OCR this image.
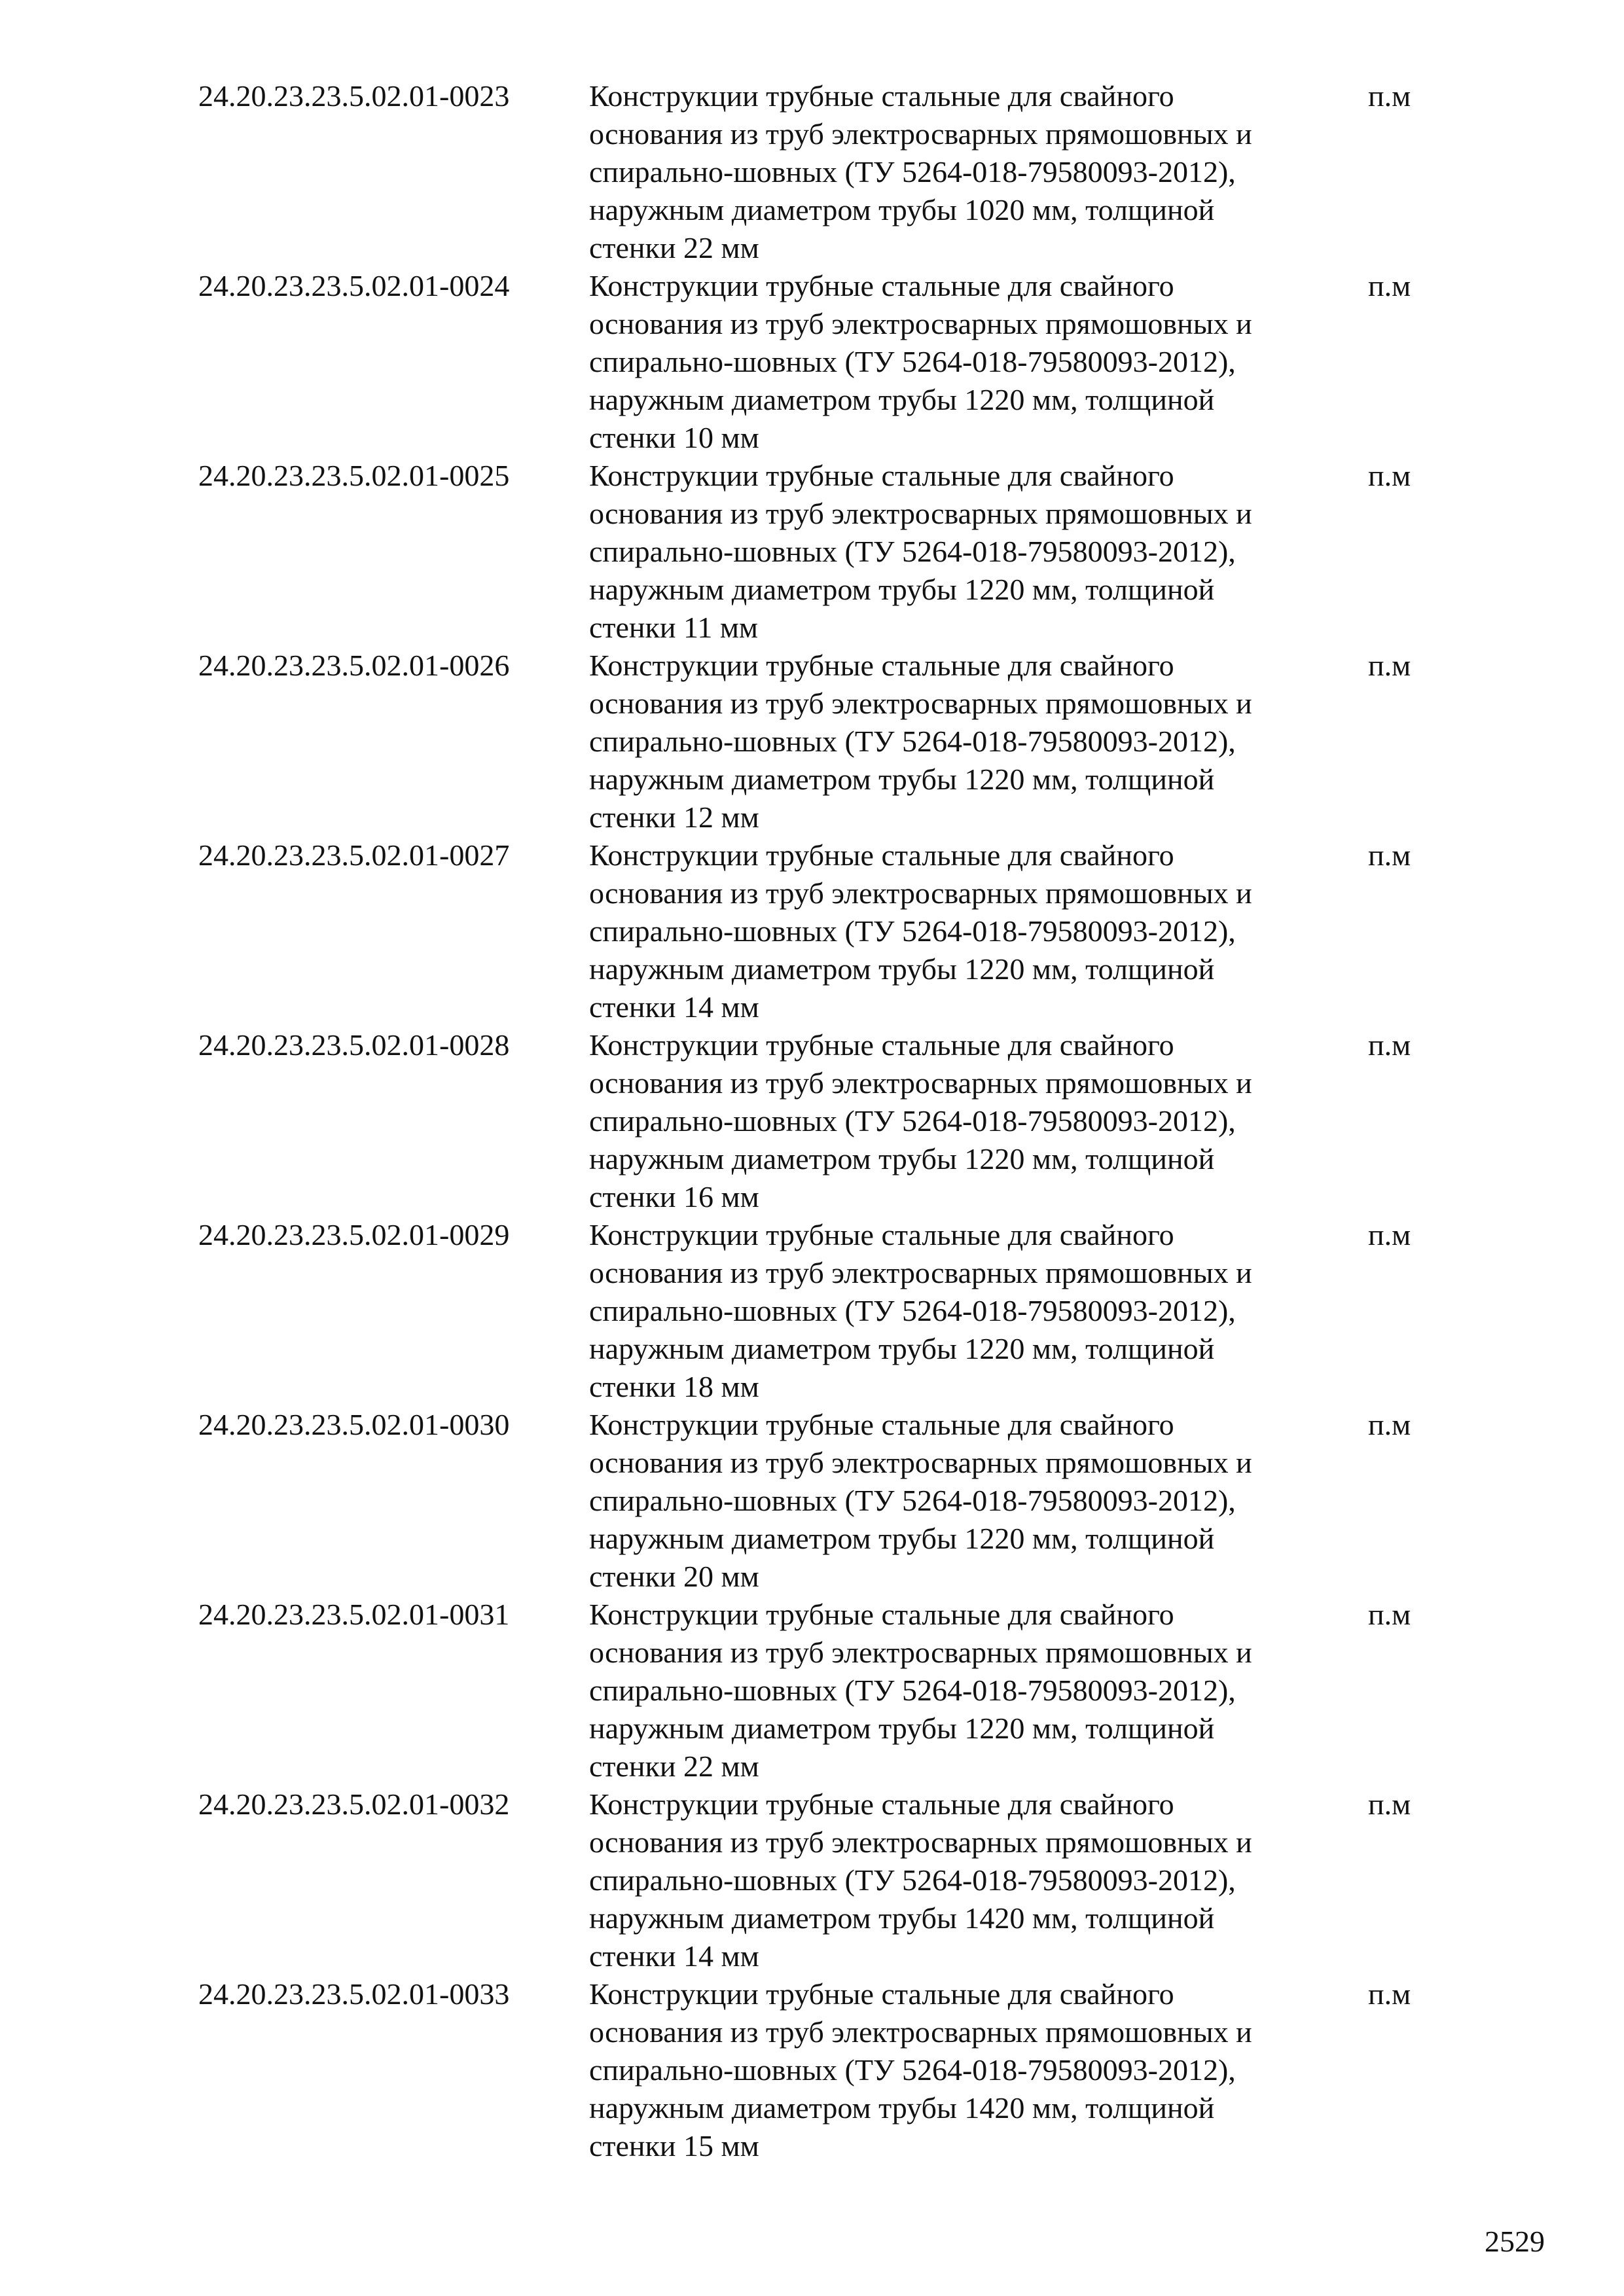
24.20.23.23.5.02.01-0023	Конструкции трубные стальные для свайного
основания из труб электросварных прямошовных и
спирально-шовных (ТУ 5264-018-79580093-2012),
наружным диаметром трубы 1020 мм, толщиной
стенки 22 мм
п.м
24.20.23.23.5.02.01-0024	Конструкции трубные стальные для свайного
основания из труб электросварных прямошовных и
спирально-шовных (ТУ 5264-018-79580093-2012),
наружным диаметром трубы 1220 мм, толщиной
стенки 10 мм
п.м
24.20.23.23.5.02.01-0025	Конструкции трубные стальные для свайного
основания из труб электросварных прямошовных и
спирально-шовных (ТУ 5264-018-79580093-2012),
наружным диаметром трубы 1220 мм, толщиной
стенки 11 мм
п.м
24.20.23.23.5.02.01-0026	Конструкции трубные стальные для свайного
основания из труб электросварных прямошовных и
спирально-шовных (ТУ 5264-018-79580093-2012),
наружным диаметром трубы 1220 мм, толщиной
стенки 12 мм
п.м
24.20.23.23.5.02.01-0027	Конструкции трубные стальные для свайного
основания из труб электросварных прямошовных и
спирально-шовных (ТУ 5264-018-79580093-2012),
наружным диаметром трубы 1220 мм, толщиной
стенки 14 мм
п.м
24.20.23.23.5.02.01-0028	Конструкции трубные стальные для свайного
основания из труб электросварных прямошовных и
спирально-шовных (ТУ 5264-018-79580093-2012),
наружным диаметром трубы 1220 мм, толщиной
стенки 16 мм
п.м
24.20.23.23.5.02.01-0029	Конструкции трубные стальные для свайного
основания из труб электросварных прямошовных и
спирально-шовных (ТУ 5264-018-79580093-2012),
наружным диаметром трубы 1220 мм, толщиной
стенки 18 мм
п.м
24.20.23.23.5.02.01-0030	Конструкции трубные стальные для свайного
основания из труб электросварных прямошовных и
спирально-шовных (ТУ 5264-018-79580093-2012),
наружным диаметром трубы 1220 мм, толщиной
стенки 20 мм
п.м
24.20.23.23.5.02.01-0031	Конструкции трубные стальные для свайного
основания из труб электросварных прямошовных и
спирально-шовных (ТУ 5264-018-79580093-2012),
наружным диаметром трубы 1220 мм, толщиной
стенки 22 мм
п.м
24.20.23.23.5.02.01-0032	Конструкции трубные стальные для свайного
основания из труб электросварных прямошовных и
спирально-шовных (ТУ 5264-018-79580093-2012),
наружным диаметром трубы 1420 мм, толщиной
стенки 14 мм
п.м
24.20.23.23.5.02.01-0033	Конструкции трубные стальные для свайного
основания из труб электросварных прямошовных и
спирально-шовных (ТУ 5264-018-79580093-2012),
наружным диаметром трубы 1420 мм, толщиной
стенки 15 мм
п.м
2529
